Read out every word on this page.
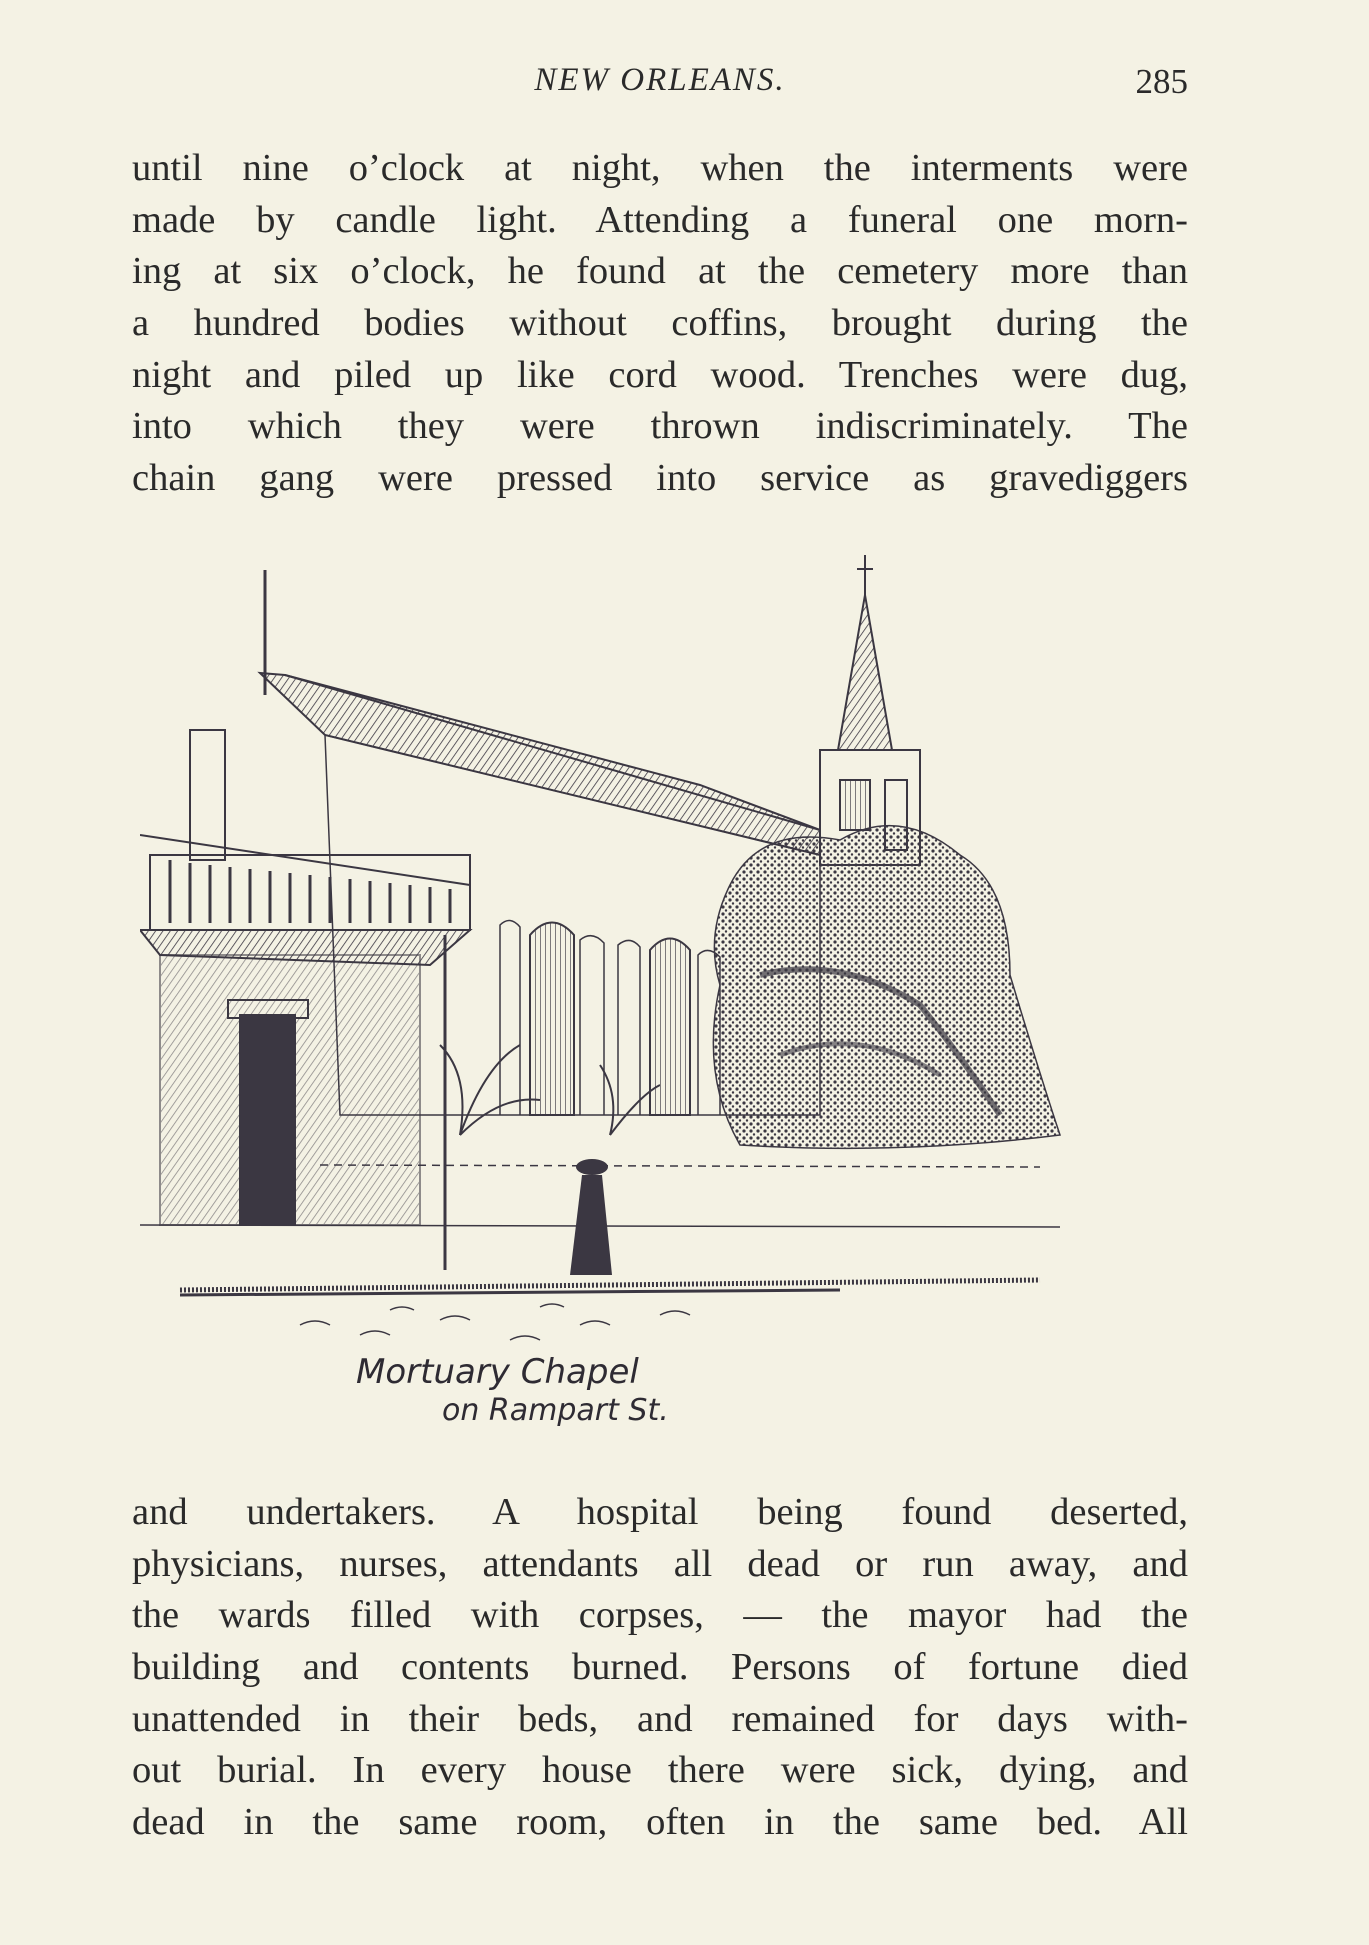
NEW ORLEANS.	285
until nine o’clock at night, when the interments were
made by candle light. Attending a funeral one morn-
ing at six o’clock, he found at the cemetery more than
a hundred bodies without coffins, brought during the
night and piled up like cord wood. Trenches were dug,
into which they were thrown indiscriminately. The
chain gang were pressed into service as gravediggers
Mortuary Chapel
on Rampart St.
and undertakers. A hospital being found deserted,
physicians, nurses, attendants all dead or run away, and
the wards filled with corpses, — the mayor had the
building and contents burned. Persons of fortune died
unattended in their beds, and remained for days with-
out burial. In every house there were sick, dying, and
dead in the same room, often in the same bed. All
